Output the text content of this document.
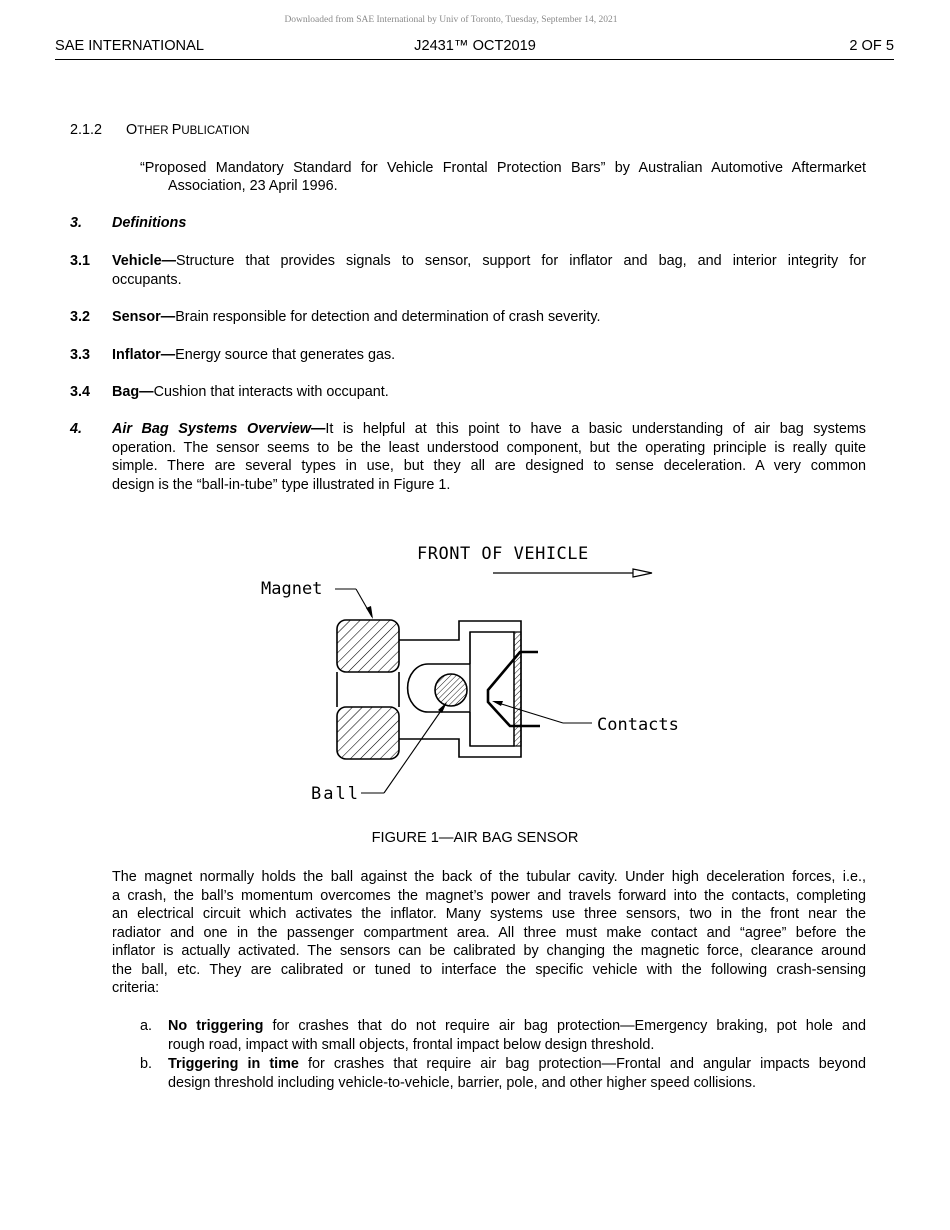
Downloaded from SAE International by Univ of Toronto, Tuesday, September 14, 2021
SAE INTERNATIONAL	J2431™ OCT2019	2 OF 5
2.1.2 OTHER PUBLICATION
“Proposed Mandatory Standard for Vehicle Frontal Protection Bars” by Australian Automotive Aftermarket
Association, 23 April 1996.
3. Definitions
3.1 Vehicle—Structure that provides signals to sensor, support for inflator and bag, and interior integrity for
occupants.
3.2 Sensor—Brain responsible for detection and determination of crash severity.
3.3 Inflator—Energy source that generates gas.
3.4 Bag—Cushion that interacts with occupant.
4. Air Bag Systems Overview—It is helpful at this point to have a basic understanding of air bag systems
operation. The sensor seems to be the least understood component, but the operating principle is really quite
simple. There are several types in use, but they all are designed to sense deceleration. A very common
design is the “ball-in-tube” type illustrated in Figure 1.
FRONT OF VEHICLE
Magnet
Contacts
Ball
FIGURE 1—AIR BAG SENSOR
The magnet normally holds the ball against the back of the tubular cavity. Under high deceleration forces, i.e.,
a crash, the ball’s momentum overcomes the magnet’s power and travels forward into the contacts, completing
an electrical circuit which activates the inflator. Many systems use three sensors, two in the front near the
radiator and one in the passenger compartment area. All three must make contact and “agree” before the
inflator is actually activated. The sensors can be calibrated by changing the magnetic force, clearance around
the ball, etc. They are calibrated or tuned to interface the specific vehicle with the following crash-sensing
criteria:
a. No triggering for crashes that do not require air bag protection—Emergency braking, pot hole and
rough road, impact with small objects, frontal impact below design threshold.
b. Triggering in time for crashes that require air bag protection—Frontal and angular impacts beyond
design threshold including vehicle-to-vehicle, barrier, pole, and other higher speed collisions.
